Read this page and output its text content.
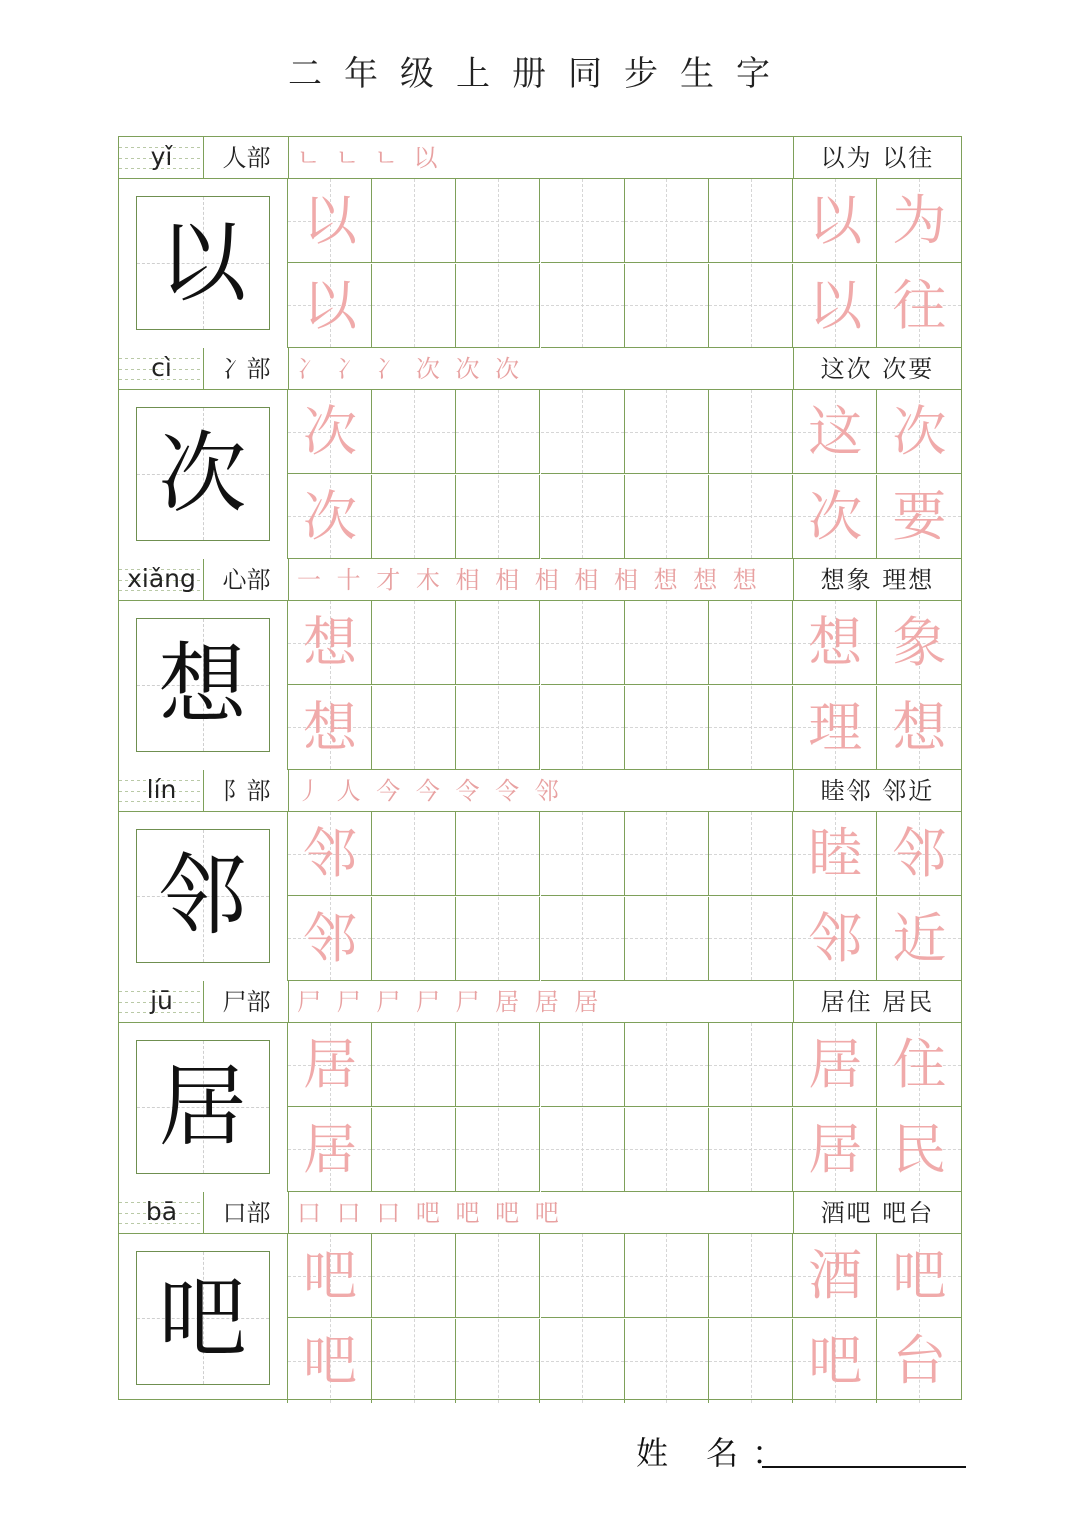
二年级上册同步生字
yǐ	人部	ㄴ ㄴ ㄴ 以	以为 以往
以	以	以 为
以	以 往
cì	冫部	冫 冫 冫 次 次 次	这次 次要
次	次	这 次
次	次 要
xiǎng	心部	一 十 才 木 相 相 相 相 相 想 想 想	想象 理想
想	想	想 象
想	理 想
lín	阝部	丿 人 今 今 令 令 邻	睦邻 邻近
邻	邻	睦 邻
邻	邻 近
jū	尸部	尸 尸 尸 尸 尸 居 居 居	居住 居民
居	居	居 住
居	居 民
bā	口部	口 口 口 吧 吧 吧 吧	酒吧 吧台
吧	吧	酒 吧
吧	吧 台
姓 名：
